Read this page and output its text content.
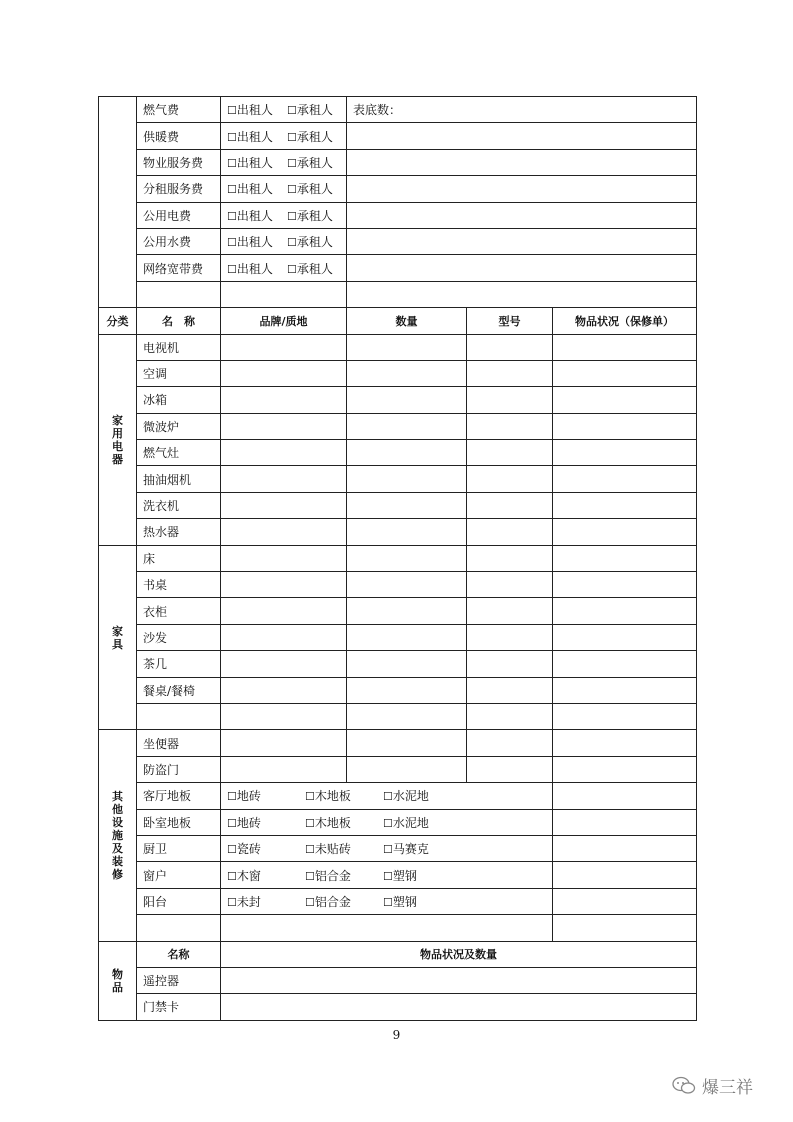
	燃气费	☐出租人 ☐承租人	表底数：		
	供暖费	☐出租人 ☐承租人			
	物业服务费	☐出租人 ☐承租人			
	分租服务费	☐出租人 ☐承租人			
	公用电费	☐出租人 ☐承租人			
	公用水费	☐出租人 ☐承租人			
	网络宽带费	☐出租人 ☐承租人			

分类	名　称	品牌/质地	数量	型号	物品状况（保修单）
家用电器	电视机				
	空调				
	冰箱				
	微波炉				
	燃气灶				
	抽油烟机				
	洗衣机				
	热水器				
家具	床				
	书桌				
	衣柜				
	沙发				
	茶几				
	餐桌/餐椅				

其他设施及装修	坐便器				
	防盗门				
	客厅地板	☐地砖 ☐木地板 ☐水泥地			
	卧室地板	☐地砖 ☐木地板 ☐水泥地			
	厨卫	☐瓷砖 ☐未贴砖 ☐马赛克			
	窗户	☐木窗 ☐铝合金 ☐塑钢			
	阳台	☐未封 ☐铝合金 ☐塑钢			

物品	名称	物品状况及数量			
	遥控器				
	门禁卡				
9
爆三祥
